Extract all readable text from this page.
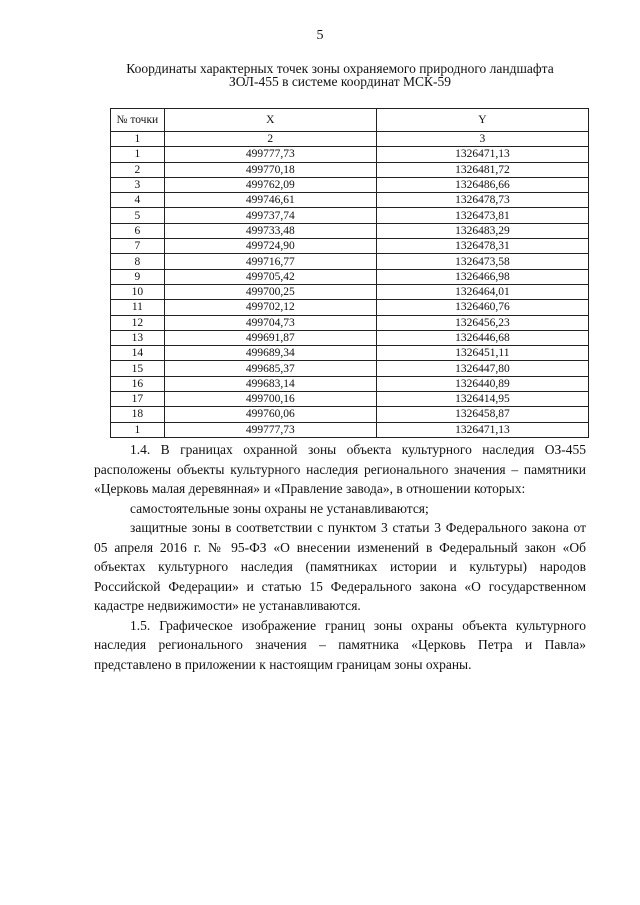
5
Координаты характерных точек зоны охраняемого природного ландшафта
ЗОЛ-455 в системе координат МСК-59
№ точки	X	Y
1	2	3
1	499777,73	1326471,13
2	499770,18	1326481,72
3	499762,09	1326486,66
4	499746,61	1326478,73
5	499737,74	1326473,81
6	499733,48	1326483,29
7	499724,90	1326478,31
8	499716,77	1326473,58
9	499705,42	1326466,98
10	499700,25	1326464,01
11	499702,12	1326460,76
12	499704,73	1326456,23
13	499691,87	1326446,68
14	499689,34	1326451,11
15	499685,37	1326447,80
16	499683,14	1326440,89
17	499700,16	1326414,95
18	499760,06	1326458,87
1	499777,73	1326471,13

1.4. В границах охранной зоны объекта культурного наследия ОЗ-455 расположены объекты культурного наследия регионального значения – памятники «Церковь малая деревянная» и «Правление завода», в отношении которых:

самостоятельные зоны охраны не устанавливаются;

защитные зоны в соответствии с пунктом 3 статьи 3 Федерального закона от 05 апреля 2016 г. № 95-ФЗ «О внесении изменений в Федеральный закон «Об объектах культурного наследия (памятниках истории и культуры) народов Российской Федерации» и статью 15 Федерального закона «О государственном кадастре недвижимости» не устанавливаются.

1.5. Графическое изображение границ зоны охраны объекта культурного наследия регионального значения – памятника «Церковь Петра и Павла» представлено в приложении к настоящим границам зоны охраны.
